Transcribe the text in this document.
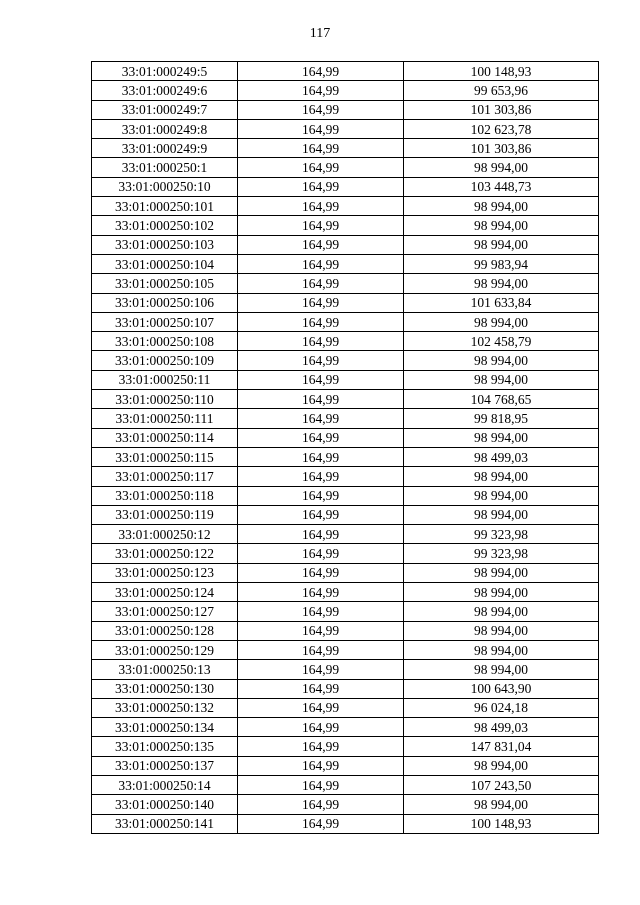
117
33:01:000249:5	164,99	100 148,93
33:01:000249:6	164,99	99 653,96
33:01:000249:7	164,99	101 303,86
33:01:000249:8	164,99	102 623,78
33:01:000249:9	164,99	101 303,86
33:01:000250:1	164,99	98 994,00
33:01:000250:10	164,99	103 448,73
33:01:000250:101	164,99	98 994,00
33:01:000250:102	164,99	98 994,00
33:01:000250:103	164,99	98 994,00
33:01:000250:104	164,99	99 983,94
33:01:000250:105	164,99	98 994,00
33:01:000250:106	164,99	101 633,84
33:01:000250:107	164,99	98 994,00
33:01:000250:108	164,99	102 458,79
33:01:000250:109	164,99	98 994,00
33:01:000250:11	164,99	98 994,00
33:01:000250:110	164,99	104 768,65
33:01:000250:111	164,99	99 818,95
33:01:000250:114	164,99	98 994,00
33:01:000250:115	164,99	98 499,03
33:01:000250:117	164,99	98 994,00
33:01:000250:118	164,99	98 994,00
33:01:000250:119	164,99	98 994,00
33:01:000250:12	164,99	99 323,98
33:01:000250:122	164,99	99 323,98
33:01:000250:123	164,99	98 994,00
33:01:000250:124	164,99	98 994,00
33:01:000250:127	164,99	98 994,00
33:01:000250:128	164,99	98 994,00
33:01:000250:129	164,99	98 994,00
33:01:000250:13	164,99	98 994,00
33:01:000250:130	164,99	100 643,90
33:01:000250:132	164,99	96 024,18
33:01:000250:134	164,99	98 499,03
33:01:000250:135	164,99	147 831,04
33:01:000250:137	164,99	98 994,00
33:01:000250:14	164,99	107 243,50
33:01:000250:140	164,99	98 994,00
33:01:000250:141	164,99	100 148,93
